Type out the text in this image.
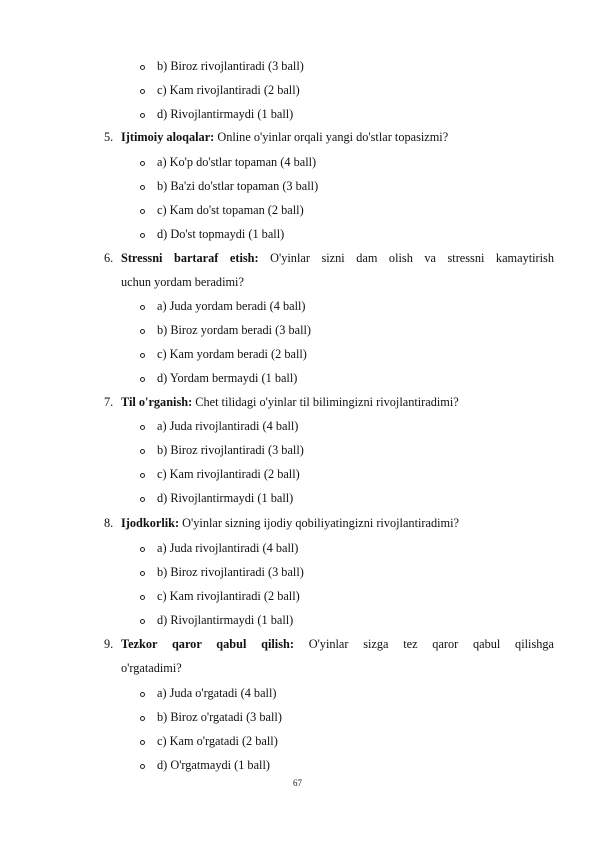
b) Biroz rivojlantiradi (3 ball)
c) Kam rivojlantiradi (2 ball)
d) Rivojlantirmaydi (1 ball)
5. Ijtimoiy aloqalar: Online o'yinlar orqali yangi do'stlar topasizmi?
a) Ko'p do'stlar topaman (4 ball)
b) Ba'zi do'stlar topaman (3 ball)
c) Kam do'st topaman (2 ball)
d) Do'st topmaydi (1 ball)
6. Stressni bartaraf etish: O'yinlar sizni dam olish va stressni kamaytirish
uchun yordam beradimi?
a) Juda yordam beradi (4 ball)
b) Biroz yordam beradi (3 ball)
c) Kam yordam beradi (2 ball)
d) Yordam bermaydi (1 ball)
7. Til o'rganish: Chet tilidagi o'yinlar til bilimingizni rivojlantiradimi?
a) Juda rivojlantiradi (4 ball)
b) Biroz rivojlantiradi (3 ball)
c) Kam rivojlantiradi (2 ball)
d) Rivojlantirmaydi (1 ball)
8. Ijodkorlik: O'yinlar sizning ijodiy qobiliyatingizni rivojlantiradimi?
a) Juda rivojlantiradi (4 ball)
b) Biroz rivojlantiradi (3 ball)
c) Kam rivojlantiradi (2 ball)
d) Rivojlantirmaydi (1 ball)
9. Tezkor qaror qabul qilish: O'yinlar sizga tez qaror qabul qilishga
o'rgatadimi?
a) Juda o'rgatadi (4 ball)
b) Biroz o'rgatadi (3 ball)
c) Kam o'rgatadi (2 ball)
d) O'rgatmaydi (1 ball)
67
